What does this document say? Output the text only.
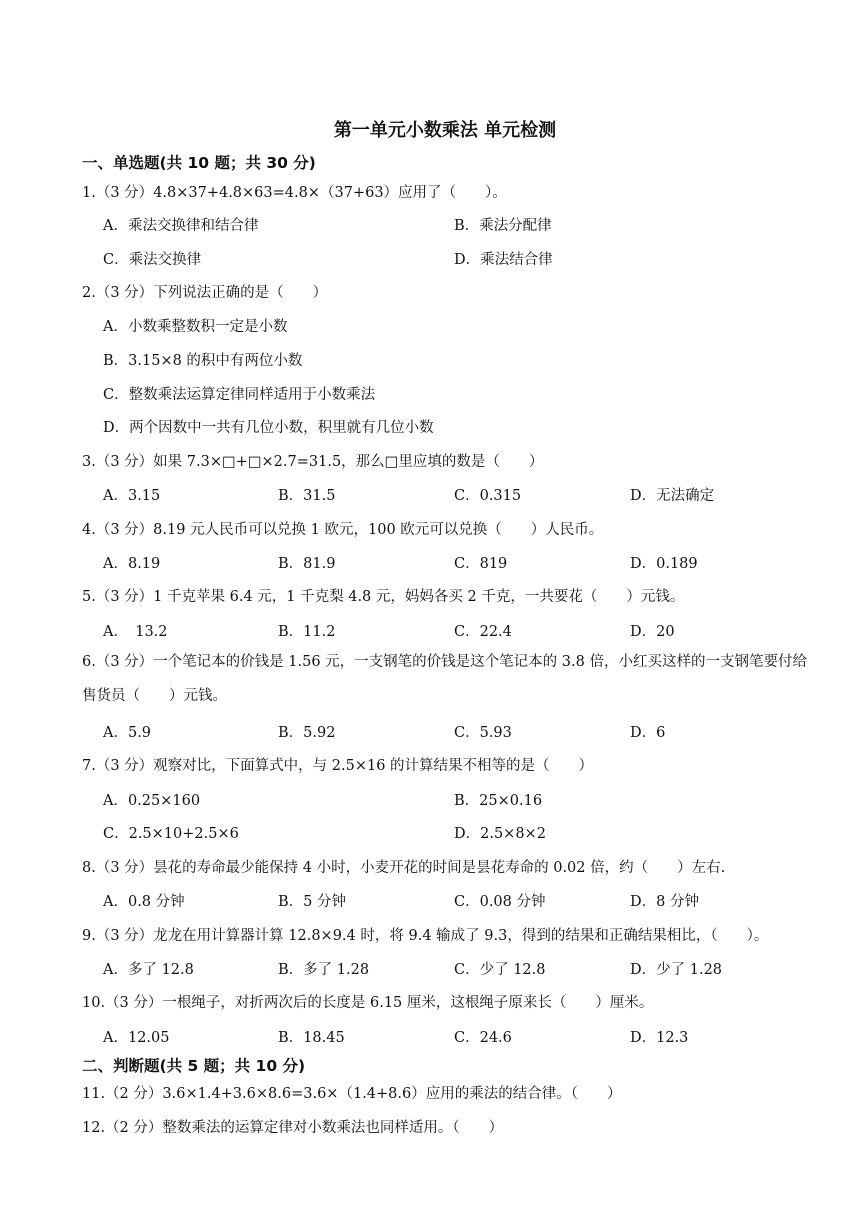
第一单元小数乘法 单元检测
一、单选题(共 10 题；共 30 分)
1.（3 分）4.8×37+4.8×63=4.8×（37+63）应用了（　　）。
A．乘法交换律和结合律	B．乘法分配律
C．乘法交换律	D．乘法结合律
2.（3 分）下列说法正确的是（　　）
A．小数乘整数积一定是小数
B．3.15×8 的积中有两位小数
C．整数乘法运算定律同样适用于小数乘法
D．两个因数中一共有几位小数，积里就有几位小数
3.（3 分）如果 7.3×□+□×2.7=31.5，那么□里应填的数是（　　）
A．3.15	B．31.5	C．0.315	D．无法确定
4.（3 分）8.19 元人民币可以兑换 1 欧元，100 欧元可以兑换（　　）人民币。
A．8.19	B．81.9	C．819	D．0.189
5.（3 分）1 千克苹果 6.4 元，1 千克梨 4.8 元，妈妈各买 2 千克，一共要花（　　）元钱。
A．　13.2	B．11.2	C．22.4	D．20
6.（3 分）一个笔记本的价钱是 1.56 元，一支钢笔的价钱是这个笔记本的 3.8 倍，小红买这样的一支钢笔要付给售货员（　　）元钱。
A．5.9	B．5.92	C．5.93	D．6
7.（3 分）观察对比，下面算式中，与 2.5×16 的计算结果不相等的是（　　）
A．0.25×160	B．25×0.16
C．2.5×10+2.5×6	D．2.5×8×2
8.（3 分）昙花的寿命最少能保持 4 小时，小麦开花的时间是昙花寿命的 0.02 倍，约（　　）左右.
A．0.8 分钟	B．5 分钟	C．0.08 分钟	D．8 分钟
9.（3 分）龙龙在用计算器计算 12.8×9.4 时，将 9.4 输成了 9.3，得到的结果和正确结果相比，（　　）。
A．多了 12.8	B．多了 1.28	C．少了 12.8	D．少了 1.28
10.（3 分）一根绳子，对折两次后的长度是 6.15 厘米，这根绳子原来长（　　）厘米。
A．12.05	B．18.45	C．24.6	D．12.3
二、判断题(共 5 题；共 10 分)
11.（2 分）3.6×1.4+3.6×8.6=3.6×（1.4+8.6）应用的乘法的结合律。（　　）
12.（2 分）整数乘法的运算定律对小数乘法也同样适用。（　　）
